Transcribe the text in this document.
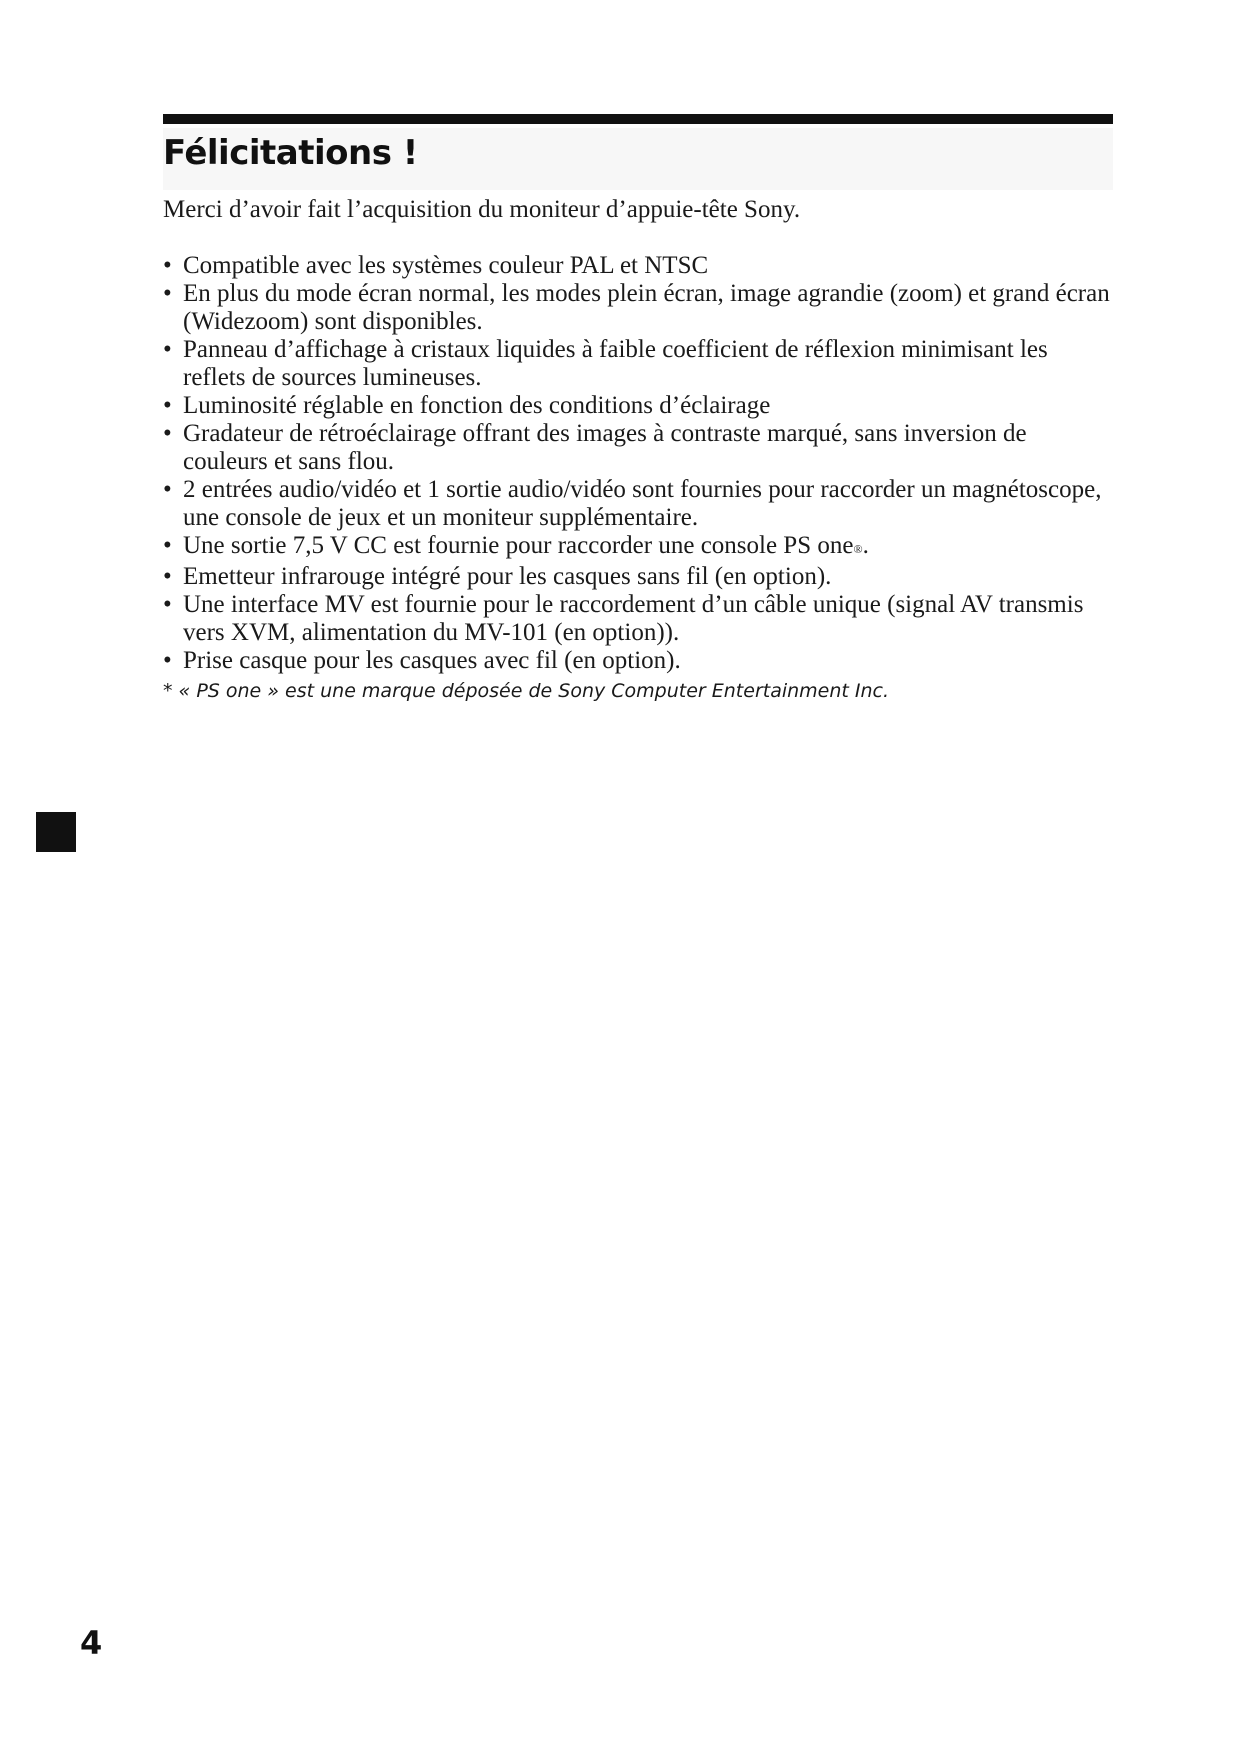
Félicitations !

Merci d’avoir fait l’acquisition du moniteur d’appuie-tête Sony.

• Compatible avec les systèmes couleur PAL et NTSC
• En plus du mode écran normal, les modes plein écran, image agrandie (zoom) et grand écran (Widezoom) sont disponibles.
• Panneau d’affichage à cristaux liquides à faible coefficient de réflexion minimisant les reflets de sources lumineuses.
• Luminosité réglable en fonction des conditions d’éclairage
• Gradateur de rétroéclairage offrant des images à contraste marqué, sans inversion de couleurs et sans flou.
• 2 entrées audio/vidéo et 1 sortie audio/vidéo sont fournies pour raccorder un magnétoscope, une console de jeux et un moniteur supplémentaire.
• Une sortie 7,5 V CC est fournie pour raccorder une console PS one®.
• Emetteur infrarouge intégré pour les casques sans fil (en option).
• Une interface MV est fournie pour le raccordement d’un câble unique (signal AV transmis vers XVM, alimentation du MV-101 (en option)).
• Prise casque pour les casques avec fil (en option).

* « PS one » est une marque déposée de Sony Computer Entertainment Inc.

4
